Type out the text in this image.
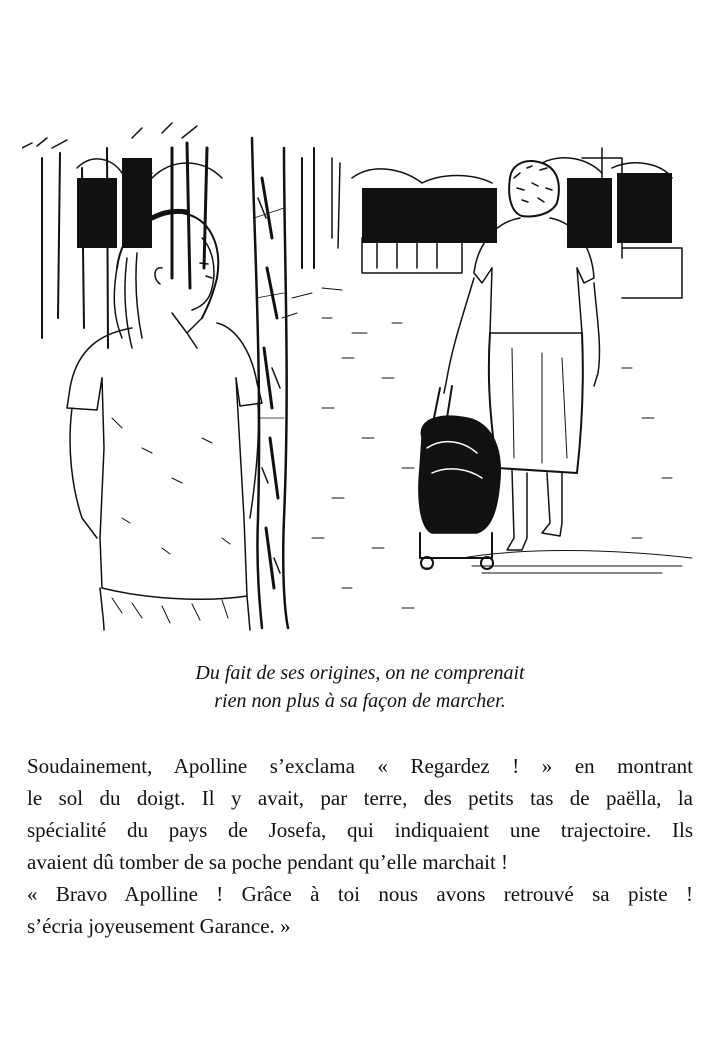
Du fait de ses origines, on ne comprenait
rien non plus à sa façon de marcher.
Soudainement, Apolline s’exclama « Regardez ! » en montrant
le sol du doigt. Il y avait, par terre, des petits tas de paëlla, la
spécialité du pays de Josefa, qui indiquaient une trajectoire. Ils
avaient dû tomber de sa poche pendant qu’elle marchait !
« Bravo Apolline ! Grâce à toi nous avons retrouvé sa piste !
s’écria joyeusement Garance. »
